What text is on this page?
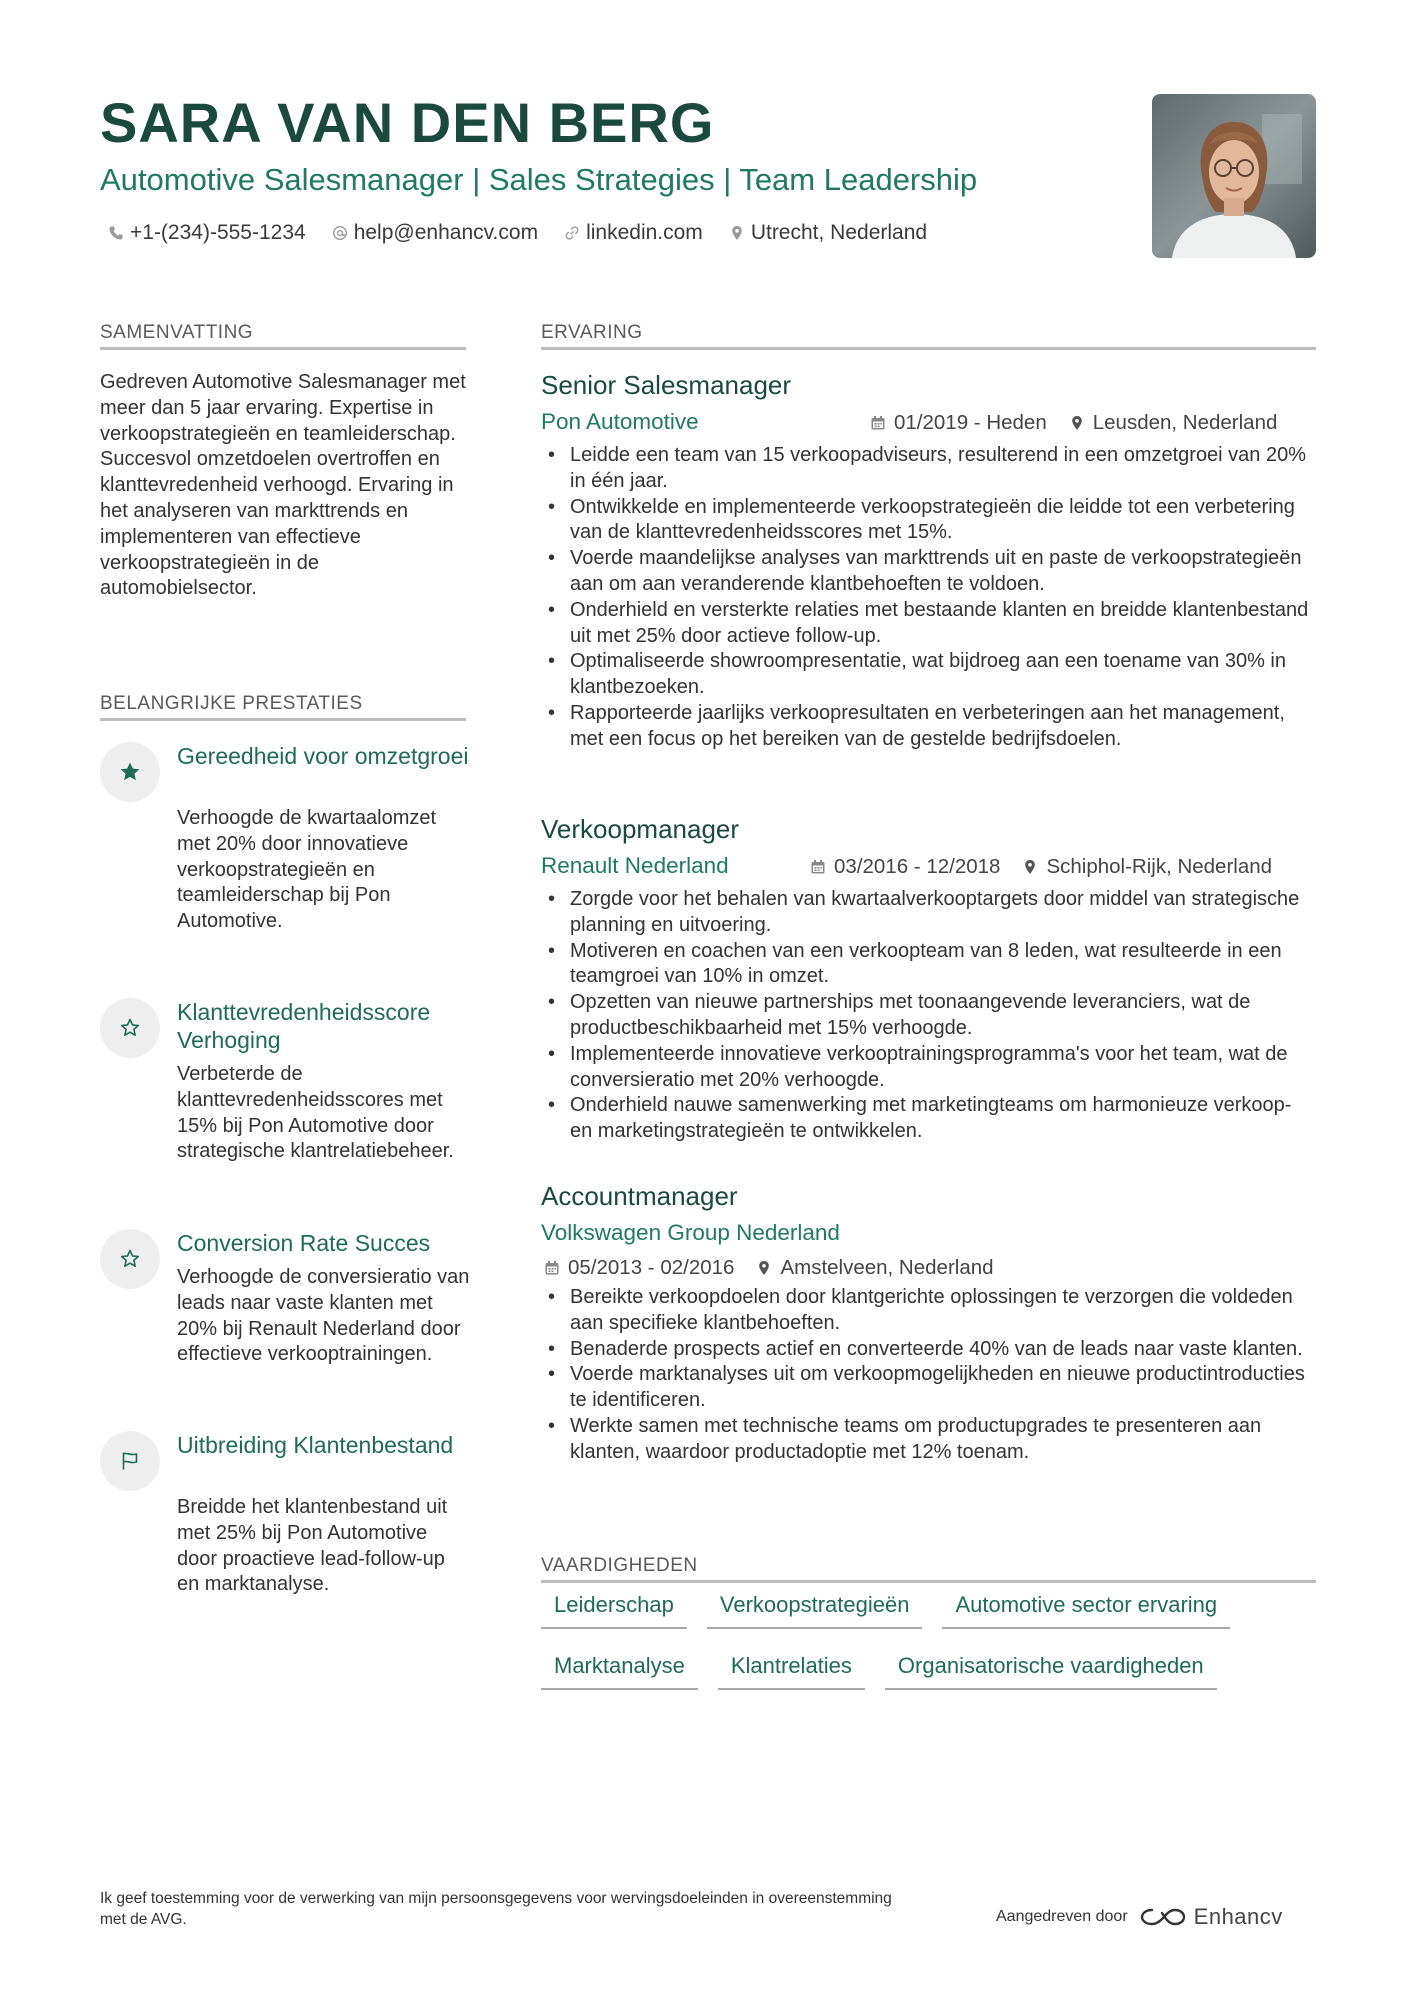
SARA VAN DEN BERG
Automotive Salesmanager | Sales Strategies | Team Leadership
+1-(234)-555-1234 help@enhancv.com linkedin.com Utrecht, Nederland
SAMENVATTING
Gedreven Automotive Salesmanager met meer dan 5 jaar ervaring. Expertise in verkoopstrategieën en teamleiderschap. Succesvol omzetdoelen overtroffen en klanttevredenheid verhoogd. Ervaring in het analyseren van markttrends en implementeren van effectieve verkoopstrategieën in de automobielsector.
BELANGRIJKE PRESTATIES
Gereedheid voor omzetgroei
Verhoogde de kwartaalomzet met 20% door innovatieve verkoopstrategieën en teamleiderschap bij Pon Automotive.
Klanttevredenheidsscore Verhoging
Verbeterde de klanttevredenheidsscores met 15% bij Pon Automotive door strategische klantrelatiebeheer.
Conversion Rate Succes
Verhoogde de conversieratio van leads naar vaste klanten met 20% bij Renault Nederland door effectieve verkooptrainingen.
Uitbreiding Klantenbestand
Breidde het klantenbestand uit met 25% bij Pon Automotive door proactieve lead-follow-up en marktanalyse.
ERVARING
Senior Salesmanager
Pon Automotive	01/2019 - Heden Leusden, Nederland
• Leidde een team van 15 verkoopadviseurs, resulterend in een omzetgroei van 20% in één jaar.
• Ontwikkelde en implementeerde verkoopstrategieën die leidde tot een verbetering van de klanttevredenheidsscores met 15%.
• Voerde maandelijkse analyses van markttrends uit en paste de verkoopstrategieën aan om aan veranderende klantbehoeften te voldoen.
• Onderhield en versterkte relaties met bestaande klanten en breidde klantenbestand uit met 25% door actieve follow-up.
• Optimaliseerde showroompresentatie, wat bijdroeg aan een toename van 30% in klantbezoeken.
• Rapporteerde jaarlijks verkoopresultaten en verbeteringen aan het management, met een focus op het bereiken van de gestelde bedrijfsdoelen.
Verkoopmanager
Renault Nederland	03/2016 - 12/2018 Schiphol-Rijk, Nederland
• Zorgde voor het behalen van kwartaalverkooptargets door middel van strategische planning en uitvoering.
• Motiveren en coachen van een verkoopteam van 8 leden, wat resulteerde in een teamgroei van 10% in omzet.
• Opzetten van nieuwe partnerships met toonaangevende leveranciers, wat de productbeschikbaarheid met 15% verhoogde.
• Implementeerde innovatieve verkooptrainingsprogramma's voor het team, wat de conversieratio met 20% verhoogde.
• Onderhield nauwe samenwerking met marketingteams om harmonieuze verkoop- en marketingstrategieën te ontwikkelen.
Accountmanager
Volkswagen Group Nederland
05/2013 - 02/2016 Amstelveen, Nederland
• Bereikte verkoopdoelen door klantgerichte oplossingen te verzorgen die voldeden aan specifieke klantbehoeften.
• Benaderde prospects actief en converteerde 40% van de leads naar vaste klanten.
• Voerde marktanalyses uit om verkoopmogelijkheden en nieuwe productintroducties te identificeren.
• Werkte samen met technische teams om productupgrades te presenteren aan klanten, waardoor productadoptie met 12% toenam.
VAARDIGHEDEN
Leiderschap	Verkoopstrategieën	Automotive sector ervaring
Marktanalyse	Klantrelaties	Organisatorische vaardigheden
Ik geef toestemming voor de verwerking van mijn persoonsgegevens voor wervingsdoeleinden in overeenstemming met de AVG.	Aangedreven door	Enhancv
